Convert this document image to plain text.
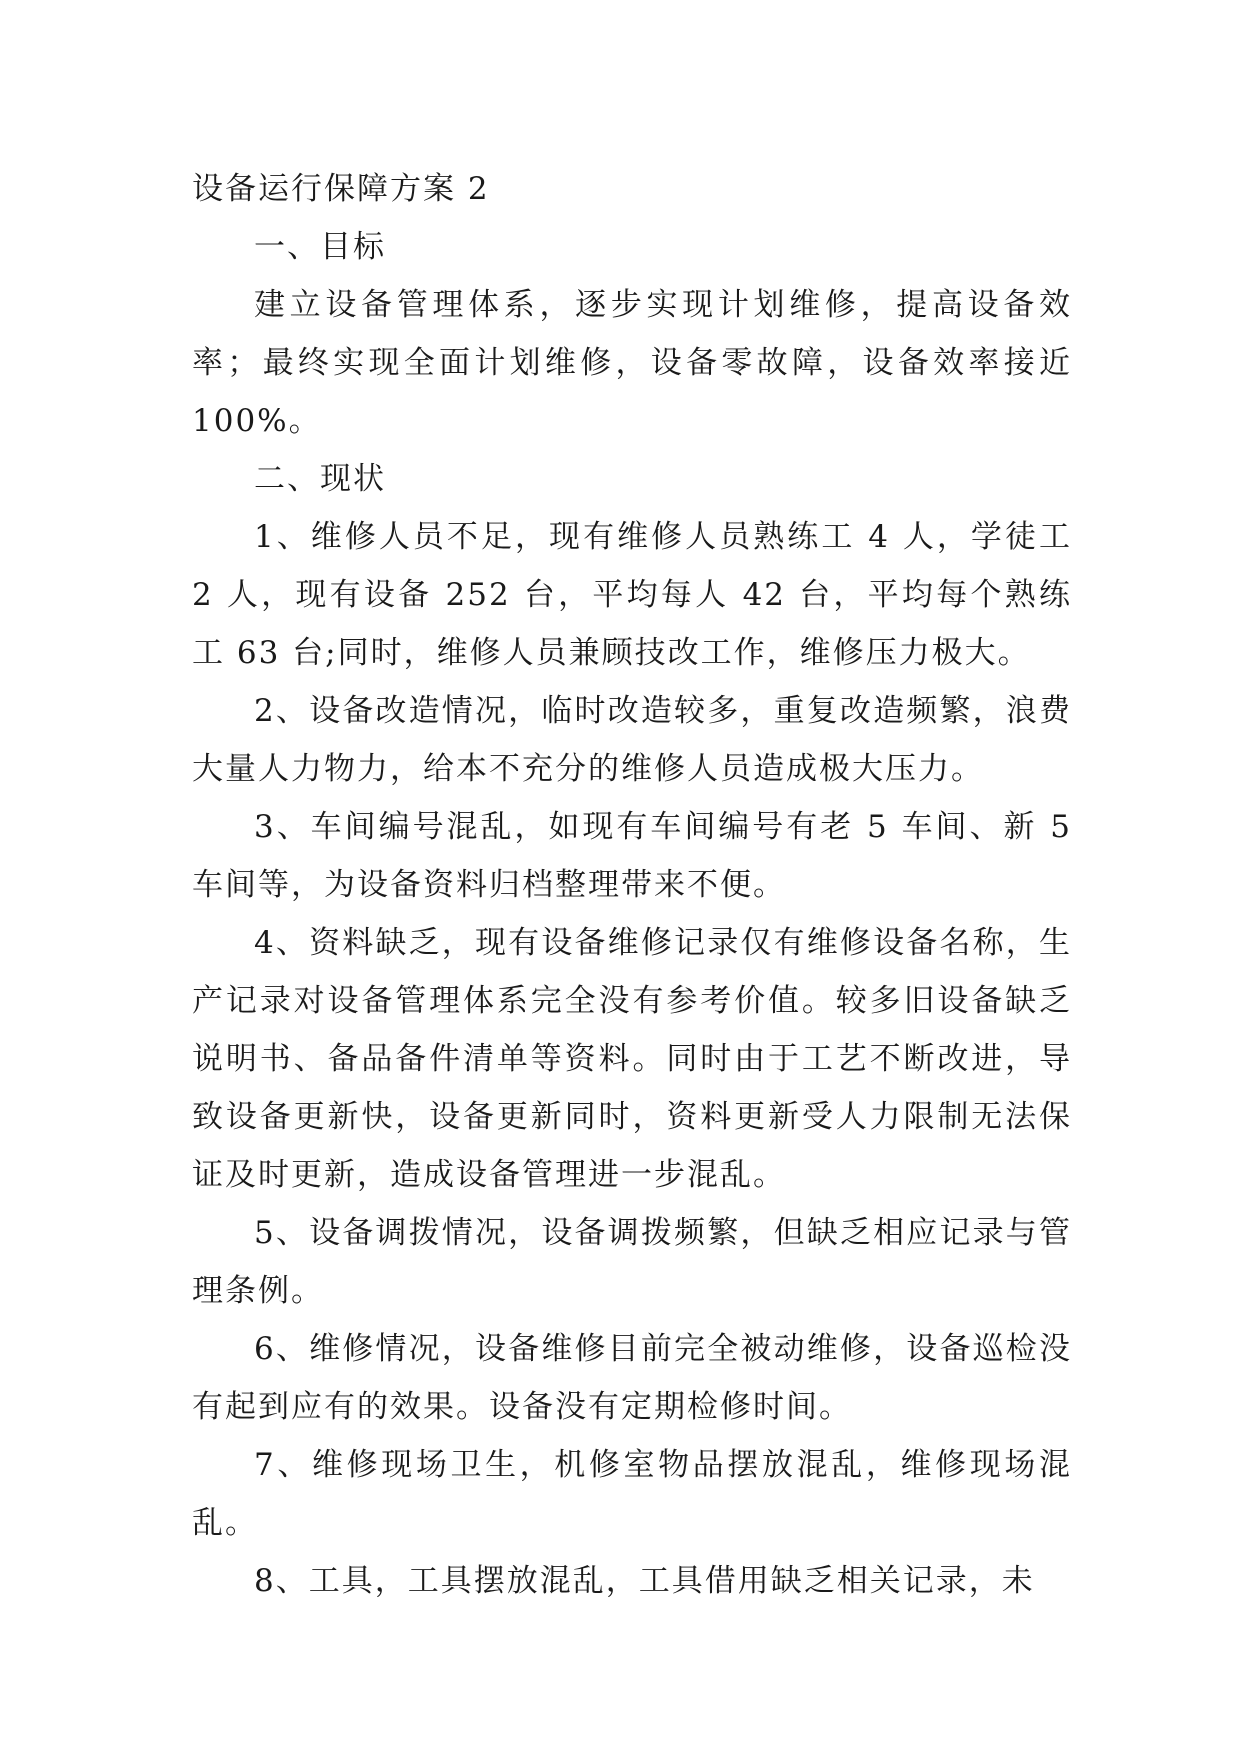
设备运行保障方案 2
一、目标

建立设备管理体系，逐步实现计划维修，提高设备效率；最终实现全面计划维修，设备零故障，设备效率接近 100%。

二、现状

1、维修人员不足，现有维修人员熟练工 4 人，学徒工 2 人，现有设备 252 台，平均每人 42 台，平均每个熟练工 63 台;同时，维修人员兼顾技改工作，维修压力极大。

2、设备改造情况，临时改造较多，重复改造频繁，浪费大量人力物力，给本不充分的维修人员造成极大压力。

3、车间编号混乱，如现有车间编号有老 5 车间、新 5 车间等，为设备资料归档整理带来不便。

4、资料缺乏，现有设备维修记录仅有维修设备名称，生产记录对设备管理体系完全没有参考价值。较多旧设备缺乏说明书、备品备件清单等资料。同时由于工艺不断改进，导致设备更新快，设备更新同时，资料更新受人力限制无法保证及时更新，造成设备管理进一步混乱。

5、设备调拨情况，设备调拨频繁，但缺乏相应记录与管理条例。

6、维修情况，设备维修目前完全被动维修，设备巡检没有起到应有的效果。设备没有定期检修时间。

7、维修现场卫生，机修室物品摆放混乱，维修现场混乱。

8、工具，工具摆放混乱，工具借用缺乏相关记录，未
